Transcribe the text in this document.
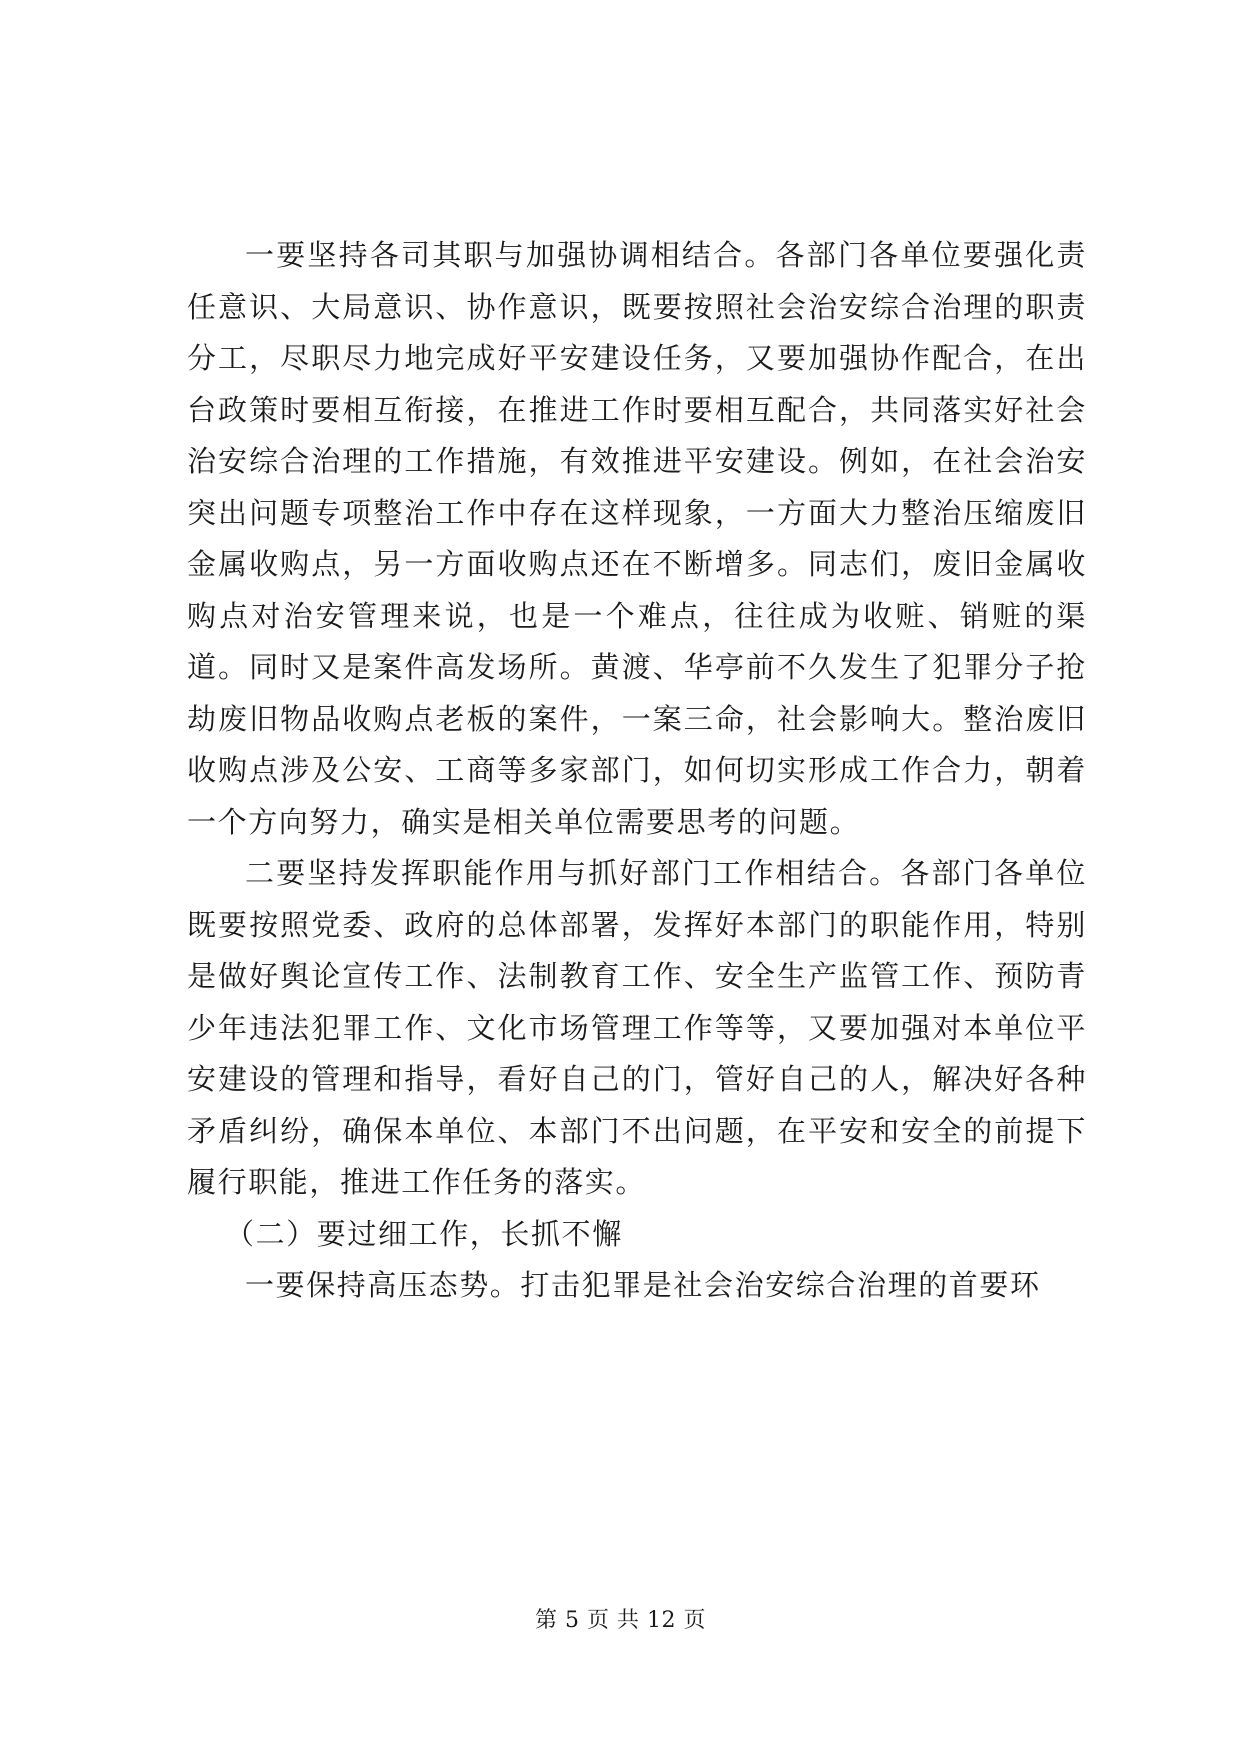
一要坚持各司其职与加强协调相结合。各部门各单位要强化责任意识、大局意识、协作意识，既要按照社会治安综合治理的职责分工，尽职尽力地完成好平安建设任务，又要加强协作配合，在出台政策时要相互衔接，在推进工作时要相互配合，共同落实好社会治安综合治理的工作措施，有效推进平安建设。例如，在社会治安突出问题专项整治工作中存在这样现象，一方面大力整治压缩废旧金属收购点，另一方面收购点还在不断增多。同志们，废旧金属收购点对治安管理来说，也是一个难点，往往成为收赃、销赃的渠道。同时又是案件高发场所。黄渡、华亭前不久发生了犯罪分子抢劫废旧物品收购点老板的案件，一案三命，社会影响大。整治废旧收购点涉及公安、工商等多家部门，如何切实形成工作合力，朝着一个方向努力，确实是相关单位需要思考的问题。

二要坚持发挥职能作用与抓好部门工作相结合。各部门各单位既要按照党委、政府的总体部署，发挥好本部门的职能作用，特别是做好舆论宣传工作、法制教育工作、安全生产监管工作、预防青少年违法犯罪工作、文化市场管理工作等等，又要加强对本单位平安建设的管理和指导，看好自己的门，管好自己的人，解决好各种矛盾纠纷，确保本单位、本部门不出问题，在平安和安全的前提下履行职能，推进工作任务的落实。

（二）要过细工作，长抓不懈

一要保持高压态势。打击犯罪是社会治安综合治理的首要环

第 5 页 共 12 页
